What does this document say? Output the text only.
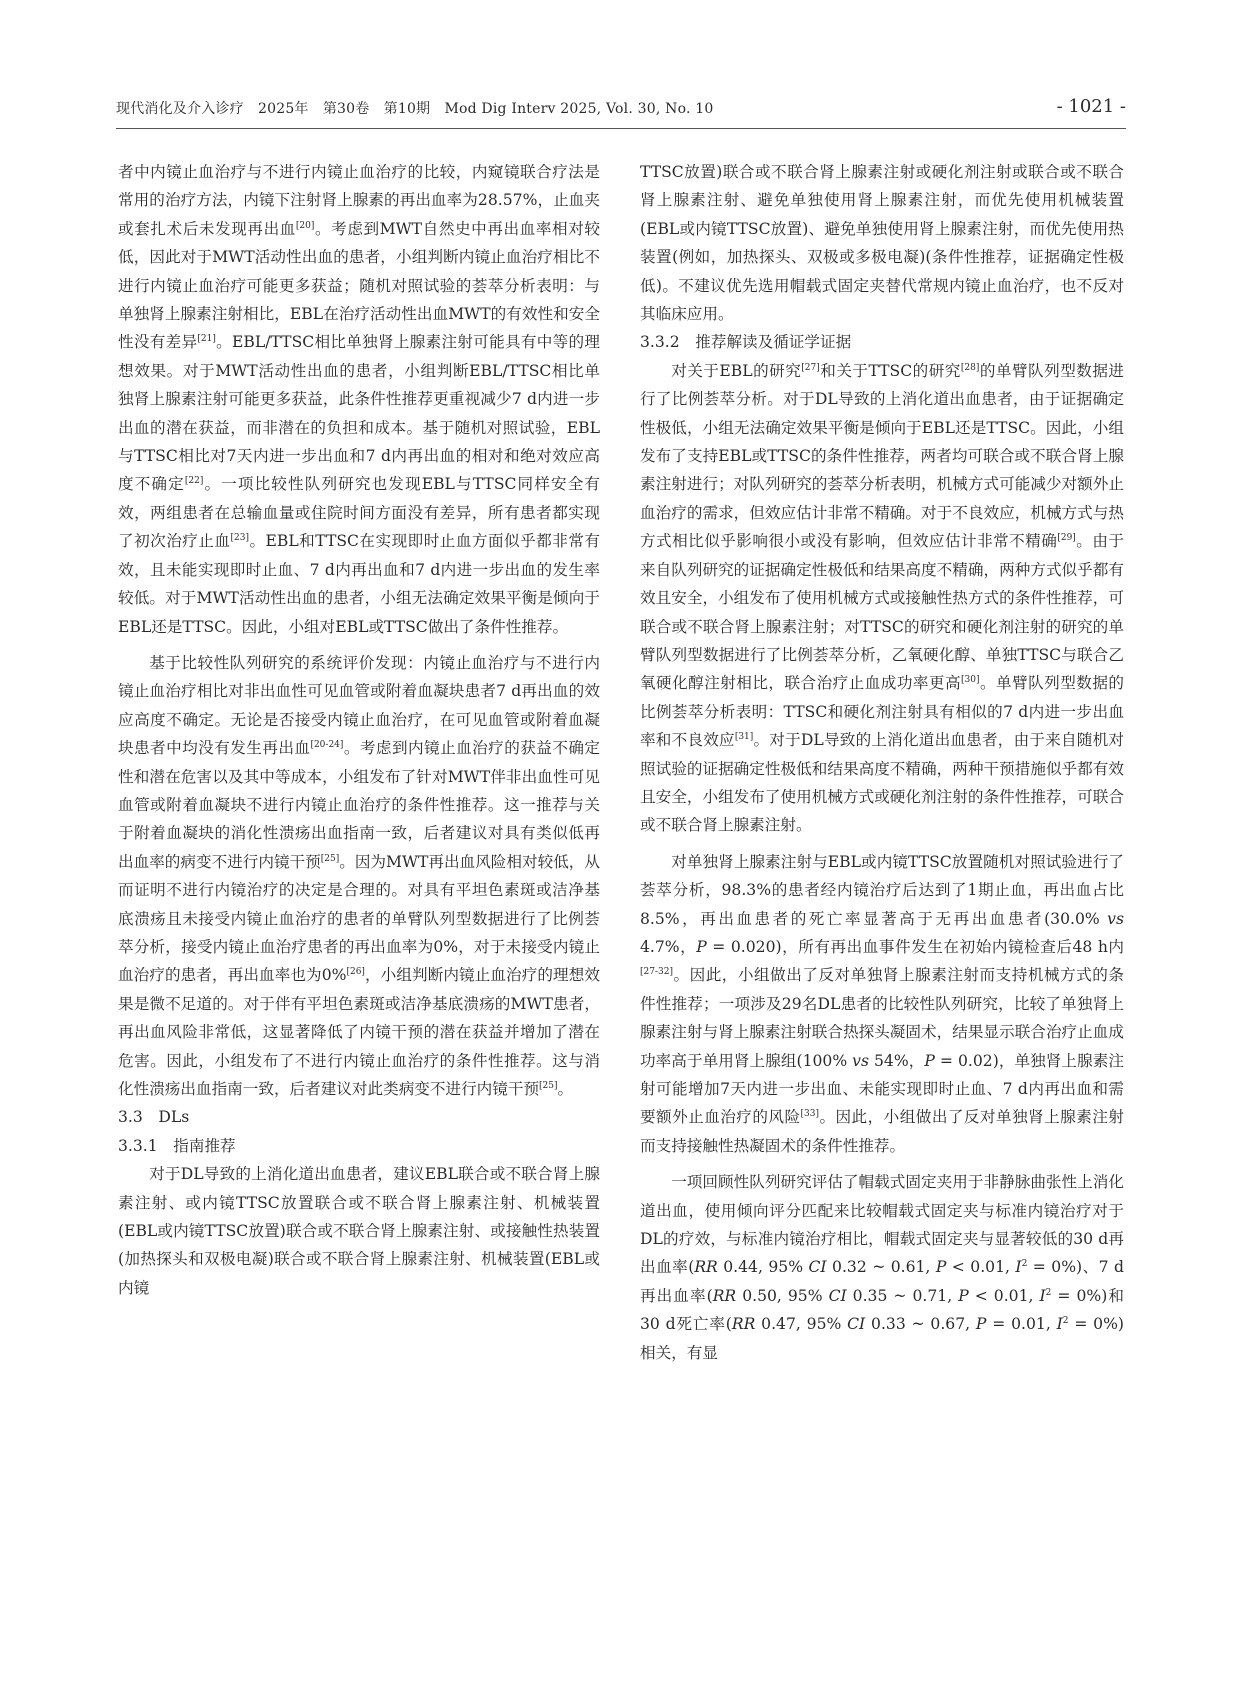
现代消化及介入诊疗　2025年　第30卷　第10期　Mod Dig Interv 2025, Vol. 30, No. 10	- 1021 -

者中内镜止血治疗与不进行内镜止血治疗的比较，内窥镜联合疗法是常用的治疗方法，内镜下注射肾上腺素的再出血率为28.57%，止血夹或套扎术后未发现再出血[20]。考虑到MWT自然史中再出血率相对较低，因此对于MWT活动性出血的患者，小组判断内镜止血治疗相比不进行内镜止血治疗可能更多获益；随机对照试验的荟萃分析表明：与单独肾上腺素注射相比，EBL在治疗活动性出血MWT的有效性和安全性没有差异[21]。EBL/TTSC相比单独肾上腺素注射可能具有中等的理想效果。对于MWT活动性出血的患者，小组判断EBL/TTSC相比单独肾上腺素注射可能更多获益，此条件性推荐更重视减少7 d内进一步出血的潜在获益，而非潜在的负担和成本。基于随机对照试验，EBL与TTSC相比对7天内进一步出血和7 d内再出血的相对和绝对效应高度不确定[22]。一项比较性队列研究也发现EBL与TTSC同样安全有效，两组患者在总输血量或住院时间方面没有差异，所有患者都实现了初次治疗止血[23]。EBL和TTSC在实现即时止血方面似乎都非常有效，且未能实现即时止血、7 d内再出血和7 d内进一步出血的发生率较低。对于MWT活动性出血的患者，小组无法确定效果平衡是倾向于EBL还是TTSC。因此，小组对EBL或TTSC做出了条件性推荐。

基于比较性队列研究的系统评价发现：内镜止血治疗与不进行内镜止血治疗相比对非出血性可见血管或附着血凝块患者7 d再出血的效应高度不确定。无论是否接受内镜止血治疗，在可见血管或附着血凝块患者中均没有发生再出血[20-24]。考虑到内镜止血治疗的获益不确定性和潜在危害以及其中等成本，小组发布了针对MWT伴非出血性可见血管或附着血凝块不进行内镜止血治疗的条件性推荐。这一推荐与关于附着血凝块的消化性溃疡出血指南一致，后者建议对具有类似低再出血率的病变不进行内镜干预[25]。因为MWT再出血风险相对较低，从而证明不进行内镜治疗的决定是合理的。对具有平坦色素斑或洁净基底溃疡且未接受内镜止血治疗的患者的单臂队列型数据进行了比例荟萃分析，接受内镜止血治疗患者的再出血率为0%，对于未接受内镜止血治疗的患者，再出血率也为0%[26]，小组判断内镜止血治疗的理想效果是微不足道的。对于伴有平坦色素斑或洁净基底溃疡的MWT患者，再出血风险非常低，这显著降低了内镜干预的潜在获益并增加了潜在危害。因此，小组发布了不进行内镜止血治疗的条件性推荐。这与消化性溃疡出血指南一致，后者建议对此类病变不进行内镜干预[25]。

3.3　DLs

3.3.1　指南推荐

对于DL导致的上消化道出血患者，建议EBL联合或不联合肾上腺素注射、或内镜TTSC放置联合或不联合肾上腺素注射、机械装置(EBL或内镜TTSC放置)联合或不联合肾上腺素注射、或接触性热装置(加热探头和双极电凝)联合或不联合肾上腺素注射、机械装置(EBL或内镜

TTSC放置)联合或不联合肾上腺素注射或硬化剂注射或联合或不联合肾上腺素注射、避免单独使用肾上腺素注射，而优先使用机械装置(EBL或内镜TTSC放置)、避免单独使用肾上腺素注射，而优先使用热装置(例如，加热探头、双极或多极电凝)(条件性推荐，证据确定性极低)。不建议优先选用帽载式固定夹替代常规内镜止血治疗，也不反对其临床应用。

3.3.2　推荐解读及循证学证据

对关于EBL的研究[27]和关于TTSC的研究[28]的单臂队列型数据进行了比例荟萃分析。对于DL导致的上消化道出血患者，由于证据确定性极低，小组无法确定效果平衡是倾向于EBL还是TTSC。因此，小组发布了支持EBL或TTSC的条件性推荐，两者均可联合或不联合肾上腺素注射进行；对队列研究的荟萃分析表明，机械方式可能减少对额外止血治疗的需求，但效应估计非常不精确。对于不良效应，机械方式与热方式相比似乎影响很小或没有影响，但效应估计非常不精确[29]。由于来自队列研究的证据确定性极低和结果高度不精确，两种方式似乎都有效且安全，小组发布了使用机械方式或接触性热方式的条件性推荐，可联合或不联合肾上腺素注射；对TTSC的研究和硬化剂注射的研究的单臂队列型数据进行了比例荟萃分析，乙氧硬化醇、单独TTSC与联合乙氧硬化醇注射相比，联合治疗止血成功率更高[30]。单臂队列型数据的比例荟萃分析表明：TTSC和硬化剂注射具有相似的7 d内进一步出血率和不良效应[31]。对于DL导致的上消化道出血患者，由于来自随机对照试验的证据确定性极低和结果高度不精确，两种干预措施似乎都有效且安全，小组发布了使用机械方式或硬化剂注射的条件性推荐，可联合或不联合肾上腺素注射。

对单独肾上腺素注射与EBL或内镜TTSC放置随机对照试验进行了荟萃分析，98.3%的患者经内镜治疗后达到了1期止血，再出血占比8.5%，再出血患者的死亡率显著高于无再出血患者(30.0% vs 4.7%，P = 0.020)，所有再出血事件发生在初始内镜检查后48 h内[27-32]。因此，小组做出了反对单独肾上腺素注射而支持机械方式的条件性推荐；一项涉及29名DL患者的比较性队列研究，比较了单独肾上腺素注射与肾上腺素注射联合热探头凝固术，结果显示联合治疗止血成功率高于单用肾上腺组(100% vs 54%，P = 0.02)，单独肾上腺素注射可能增加7天内进一步出血、未能实现即时止血、7 d内再出血和需要额外止血治疗的风险[33]。因此，小组做出了反对单独肾上腺素注射而支持接触性热凝固术的条件性推荐。

一项回顾性队列研究评估了帽载式固定夹用于非静脉曲张性上消化道出血，使用倾向评分匹配来比较帽载式固定夹与标准内镜治疗对于DL的疗效，与标准内镜治疗相比，帽载式固定夹与显著较低的30 d再出血率(RR 0.44, 95% CI 0.32 ~ 0.61, P < 0.01, $I^2 = 0\%$)、7 d再出血率(RR 0.50, 95% CI 0.35 ~ 0.71, P < 0.01, $I^2 = 0\%$)和30 d死亡率(RR 0.47, 95% CI 0.33 ~ 0.67, P = 0.01, $I^2 = 0\%$)相关，有显
